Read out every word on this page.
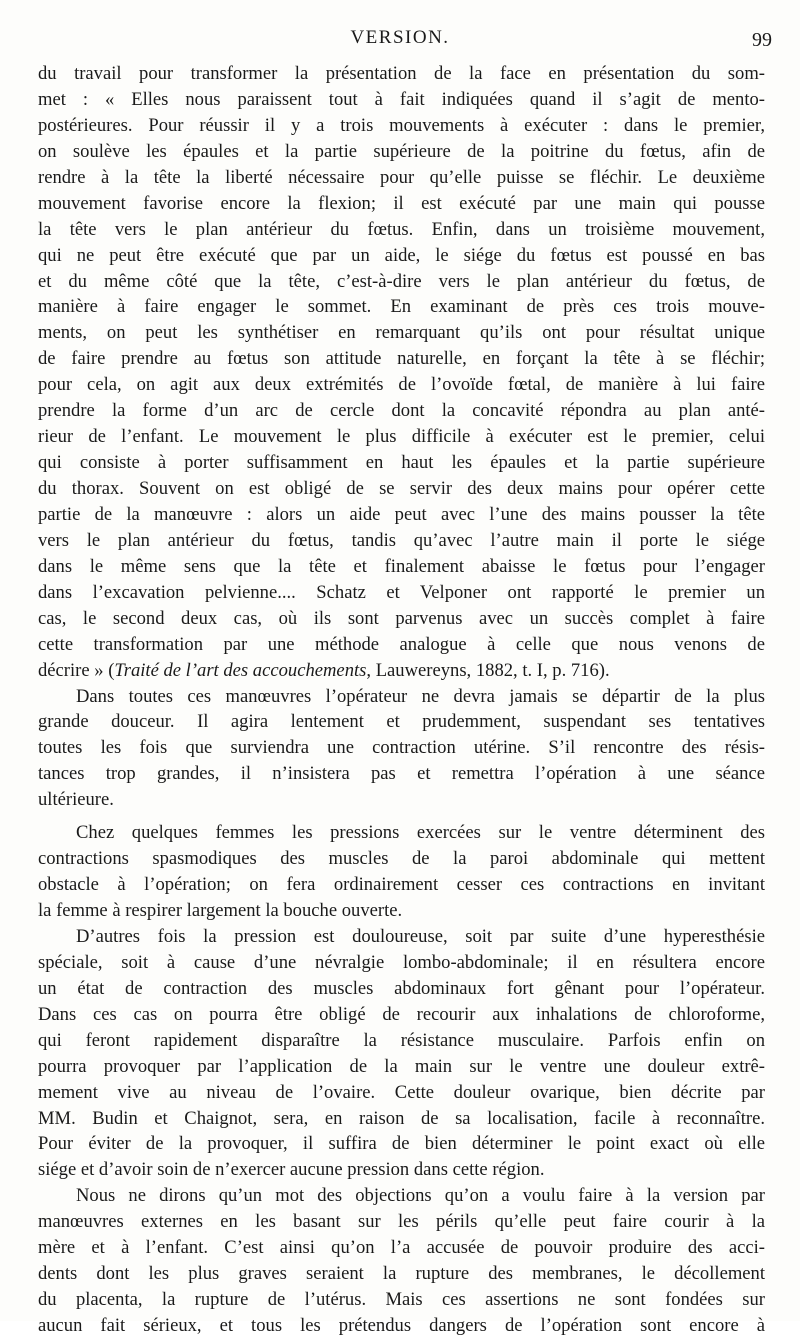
VERSION.	99
du travail pour transformer la présentation de la face en présentation du som-
met : « Elles nous paraissent tout à fait indiquées quand il s’agit de mento-
postérieures. Pour réussir il y a trois mouvements à exécuter : dans le premier,
on soulève les épaules et la partie supérieure de la poitrine du fœtus, afin de
rendre à la tête la liberté nécessaire pour qu’elle puisse se fléchir. Le deuxième
mouvement favorise encore la flexion; il est exécuté par une main qui pousse
la tête vers le plan antérieur du fœtus. Enfin, dans un troisième mouvement,
qui ne peut être exécuté que par un aide, le siége du fœtus est poussé en bas
et du même côté que la tête, c’est-à-dire vers le plan antérieur du fœtus, de
manière à faire engager le sommet. En examinant de près ces trois mouve-
ments, on peut les synthétiser en remarquant qu’ils ont pour résultat unique
de faire prendre au fœtus son attitude naturelle, en forçant la tête à se fléchir;
pour cela, on agit aux deux extrémités de l’ovoïde fœtal, de manière à lui faire
prendre la forme d’un arc de cercle dont la concavité répondra au plan anté-
rieur de l’enfant. Le mouvement le plus difficile à exécuter est le premier, celui
qui consiste à porter suffisamment en haut les épaules et la partie supérieure
du thorax. Souvent on est obligé de se servir des deux mains pour opérer cette
partie de la manœuvre : alors un aide peut avec l’une des mains pousser la tête
vers le plan antérieur du fœtus, tandis qu’avec l’autre main il porte le siége
dans le même sens que la tête et finalement abaisse le fœtus pour l’engager
dans l’excavation pelvienne.... Schatz et Velponer ont rapporté le premier un
cas, le second deux cas, où ils sont parvenus avec un succès complet à faire
cette transformation par une méthode analogue à celle que nous venons de
décrire » (Traité de l’art des accouchements, Lauwereyns, 1882, t. I, p. 716).
Dans toutes ces manœuvres l’opérateur ne devra jamais se départir de la plus
grande douceur. Il agira lentement et prudemment, suspendant ses tentatives
toutes les fois que surviendra une contraction utérine. S’il rencontre des résis-
tances trop grandes, il n’insistera pas et remettra l’opération à une séance
ultérieure.
Chez quelques femmes les pressions exercées sur le ventre déterminent des
contractions spasmodiques des muscles de la paroi abdominale qui mettent
obstacle à l’opération; on fera ordinairement cesser ces contractions en invitant
la femme à respirer largement la bouche ouverte.
D’autres fois la pression est douloureuse, soit par suite d’une hyperesthésie
spéciale, soit à cause d’une névralgie lombo-abdominale; il en résultera encore
un état de contraction des muscles abdominaux fort gênant pour l’opérateur.
Dans ces cas on pourra être obligé de recourir aux inhalations de chloroforme,
qui feront rapidement disparaître la résistance musculaire. Parfois enfin on
pourra provoquer par l’application de la main sur le ventre une douleur extrê-
mement vive au niveau de l’ovaire. Cette douleur ovarique, bien décrite par
MM. Budin et Chaignot, sera, en raison de sa localisation, facile à reconnaître.
Pour éviter de la provoquer, il suffira de bien déterminer le point exact où elle
siége et d’avoir soin de n’exercer aucune pression dans cette région.
Nous ne dirons qu’un mot des objections qu’on a voulu faire à la version par
manœuvres externes en les basant sur les périls qu’elle peut faire courir à la
mère et à l’enfant. C’est ainsi qu’on l’a accusée de pouvoir produire des acci-
dents dont les plus graves seraient la rupture des membranes, le décollement
du placenta, la rupture de l’utérus. Mais ces assertions ne sont fondées sur
aucun fait sérieux, et tous les prétendus dangers de l’opération sont encore à
